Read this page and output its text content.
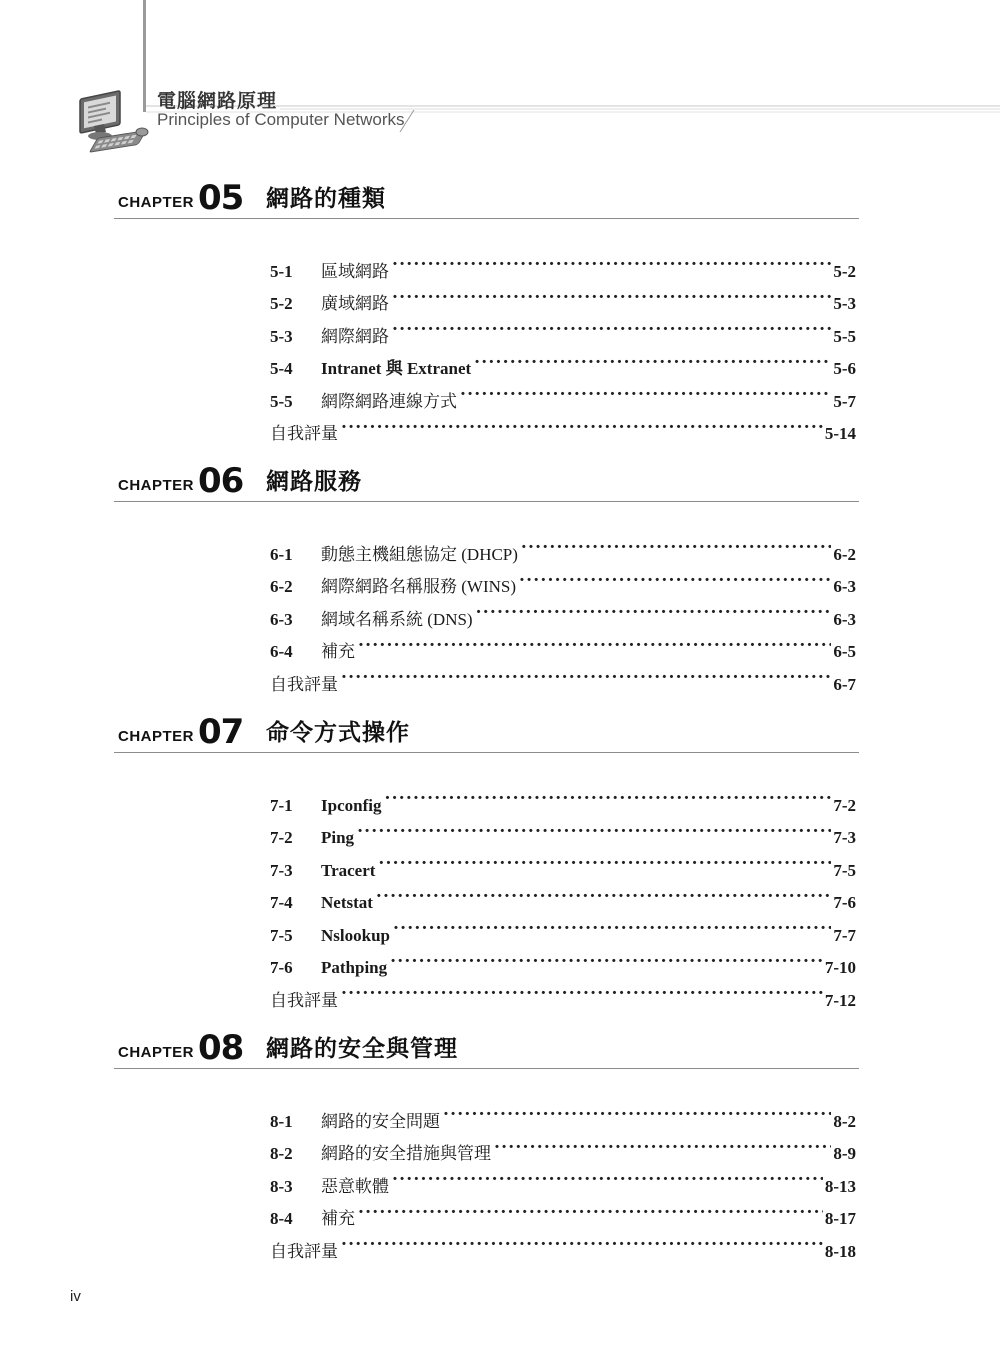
電腦網路原理
Principles of Computer Networks
CHAPTER 05 網路的種類
5-1	區域網路 .....	5-2
5-2	廣域網路 .....	5-3
5-3	網際網路 .....	5-5
5-4	Intranet 與 Extranet .....	5-6
5-5	網際網路連線方式 .....	5-7
自我評量 .....	5-14
CHAPTER 06 網路服務
6-1	動態主機組態協定 (DHCP) .....	6-2
6-2	網際網路名稱服務 (WINS) .....	6-3
6-3	網域名稱系統 (DNS) .....	6-3
6-4	補充 .....	6-5
自我評量 .....	6-7
CHAPTER 07 命令方式操作
7-1	Ipconfig .....	7-2
7-2	Ping .....	7-3
7-3	Tracert .....	7-5
7-4	Netstat .....	7-6
7-5	Nslookup .....	7-7
7-6	Pathping .....	7-10
自我評量 .....	7-12
CHAPTER 08 網路的安全與管理
8-1	網路的安全問題 .....	8-2
8-2	網路的安全措施與管理 .....	8-9
8-3	惡意軟體 .....	8-13
8-4	補充 .....	8-17
自我評量 .....	8-18
iv
